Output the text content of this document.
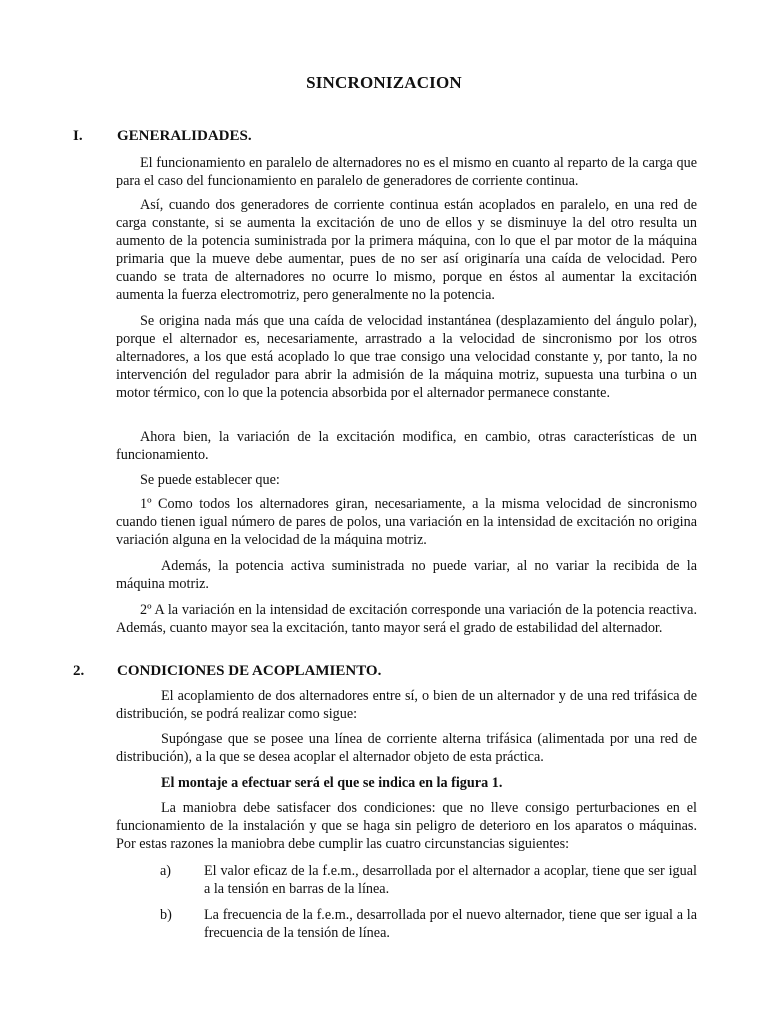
SINCRONIZACION
I. GENERALIDADES.
El funcionamiento en paralelo de alternadores no es el mismo en cuanto al reparto de la carga que para el caso del funcionamiento en paralelo de generadores de corriente continua.
Así, cuando dos generadores de corriente continua están acoplados en paralelo, en una red de carga constante, si se aumenta la excitación de uno de ellos y se disminuye la del otro resulta un aumento de la potencia suministrada por la primera máquina, con lo que el par motor de la máquina primaria que la mueve debe aumentar, pues de no ser así originaría una caída de velocidad. Pero cuando se trata de alternadores no ocurre lo mismo, porque en éstos al aumentar la excitación aumenta la fuerza electromotriz, pero generalmente no la potencia.
Se origina nada más que una caída de velocidad instantánea (desplazamiento del ángulo polar), porque el alternador es, necesariamente, arrastrado a la velocidad de sincronismo por los otros alternadores, a los que está acoplado lo que trae consigo una velocidad constante y, por tanto, la no intervención del regulador para abrir la admisión de la máquina motriz, supuesta una turbina o un motor térmico, con lo que la potencia absorbida por el alternador permanece constante.
Ahora bien, la variación de la excitación modifica, en cambio, otras características de un funcionamiento.
Se puede establecer que:
1º Como todos los alternadores giran, necesariamente, a la misma velocidad de sincronismo cuando tienen igual número de pares de polos, una variación en la intensidad de excitación no origina variación alguna en la velocidad de la máquina motriz.
Además, la potencia activa suministrada no puede variar, al no variar la recibida de la máquina motriz.
2º A la variación en la intensidad de excitación corresponde una variación de la potencia reactiva. Además, cuanto mayor sea la excitación, tanto mayor será el grado de estabilidad del alternador.
2. CONDICIONES DE ACOPLAMIENTO.
El acoplamiento de dos alternadores entre sí, o bien de un alternador y de una red trifásica de distribución, se podrá realizar como sigue:
Supóngase que se posee una línea de corriente alterna trifásica (alimentada por una red de distribución), a la que se desea acoplar el alternador objeto de esta práctica.
El montaje a efectuar será el que se indica en la figura 1.
La maniobra debe satisfacer dos condiciones: que no lleve consigo perturbaciones en el funcionamiento de la instalación y que se haga sin peligro de deterioro en los aparatos o máquinas. Por estas razones la maniobra debe cumplir las cuatro circunstancias siguientes:
a) El valor eficaz de la f.e.m., desarrollada por el alternador a acoplar, tiene que ser igual a la tensión en barras de la línea.
b) La frecuencia de la f.e.m., desarrollada por el nuevo alternador, tiene que ser igual a la frecuencia de la tensión de línea.
